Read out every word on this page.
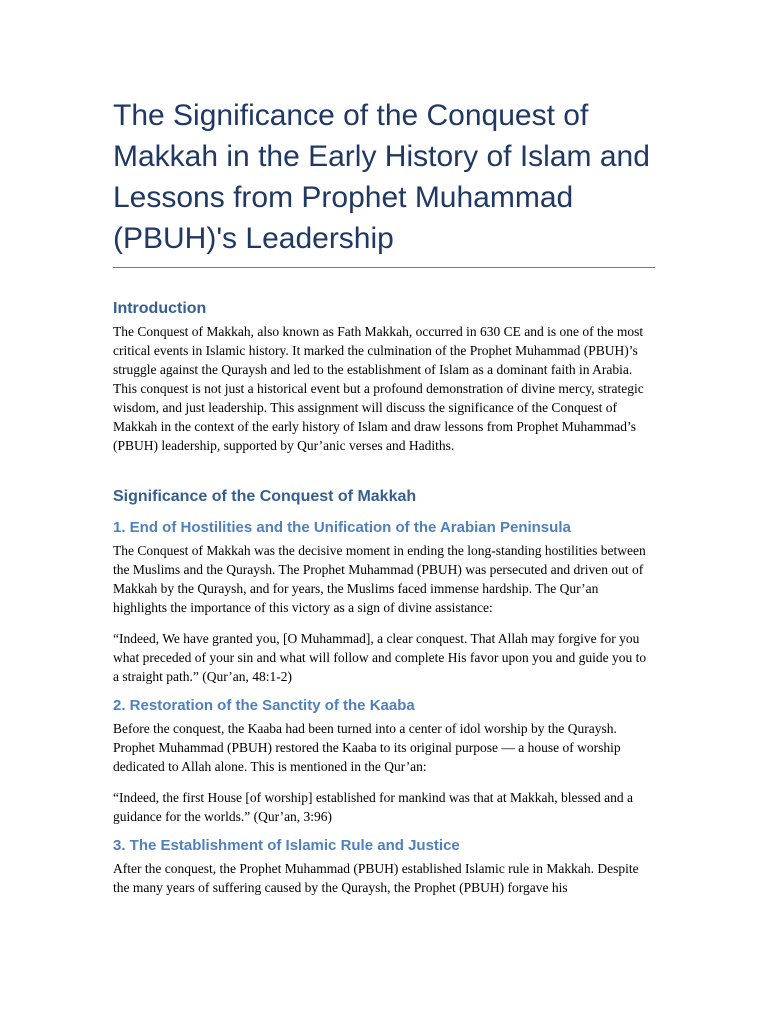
The Significance of the Conquest of Makkah in the Early History of Islam and Lessons from Prophet Muhammad (PBUH)'s Leadership
Introduction

The Conquest of Makkah, also known as Fath Makkah, occurred in 630 CE and is one of the most critical events in Islamic history. It marked the culmination of the Prophet Muhammad (PBUH)’s struggle against the Quraysh and led to the establishment of Islam as a dominant faith in Arabia. This conquest is not just a historical event but a profound demonstration of divine mercy, strategic wisdom, and just leadership. This assignment will discuss the significance of the Conquest of Makkah in the context of the early history of Islam and draw lessons from Prophet Muhammad’s (PBUH) leadership, supported by Qur’anic verses and Hadiths.

Significance of the Conquest of Makkah
1. End of Hostilities and the Unification of the Arabian Peninsula

The Conquest of Makkah was the decisive moment in ending the long-standing hostilities between the Muslims and the Quraysh. The Prophet Muhammad (PBUH) was persecuted and driven out of Makkah by the Quraysh, and for years, the Muslims faced immense hardship. The Qur’an highlights the importance of this victory as a sign of divine assistance:

“Indeed, We have granted you, [O Muhammad], a clear conquest. That Allah may forgive for you what preceded of your sin and what will follow and complete His favor upon you and guide you to a straight path.” (Qur’an, 48:1-2)

2. Restoration of the Sanctity of the Kaaba

Before the conquest, the Kaaba had been turned into a center of idol worship by the Quraysh. Prophet Muhammad (PBUH) restored the Kaaba to its original purpose — a house of worship dedicated to Allah alone. This is mentioned in the Qur’an:

“Indeed, the first House [of worship] established for mankind was that at Makkah, blessed and a guidance for the worlds.” (Qur’an, 3:96)

3. The Establishment of Islamic Rule and Justice

After the conquest, the Prophet Muhammad (PBUH) established Islamic rule in Makkah. Despite the many years of suffering caused by the Quraysh, the Prophet (PBUH) forgave his
